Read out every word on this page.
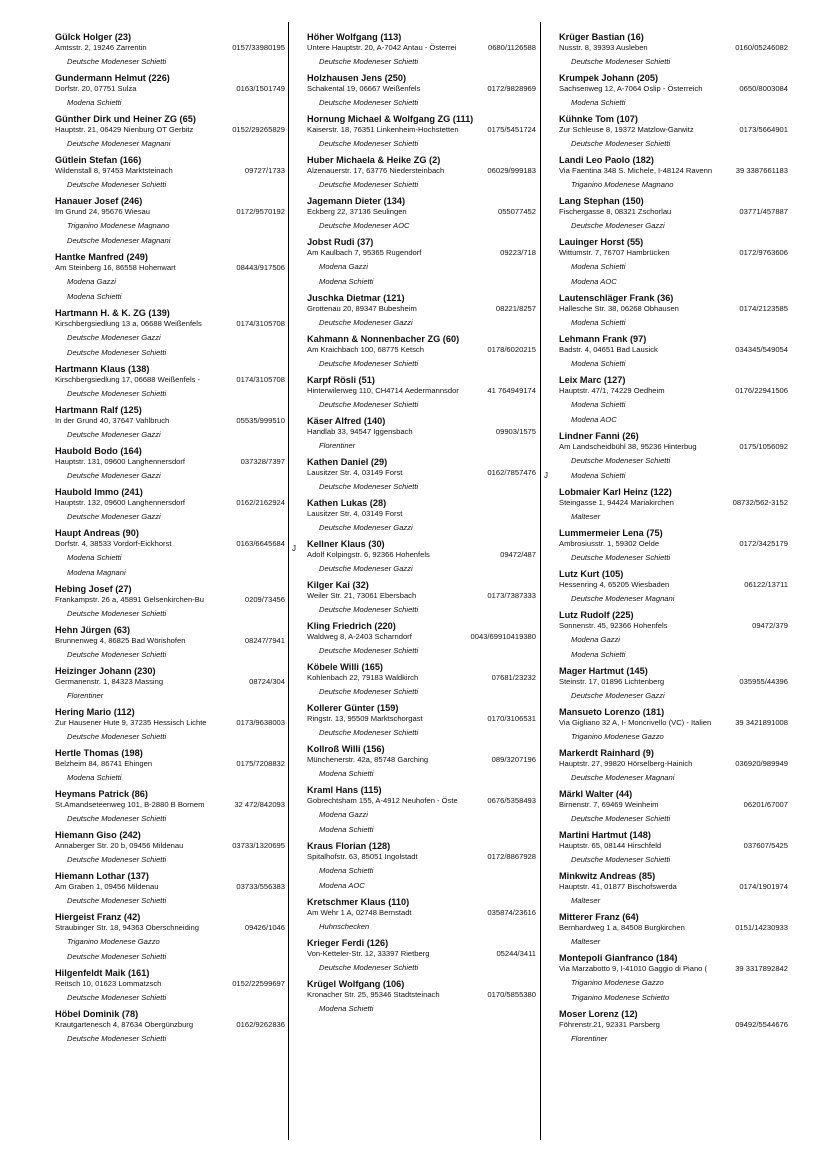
J
J
Gülck Holger (23)
Amtsstr. 2, 19246 Zarrentin	0157/33980195
Deutsche Modeneser Schietti
Gundermann Helmut (226)
Dorfstr. 20, 07751 Sulza	0163/1501749
Modena Schietti
Günther Dirk und Heiner ZG (65)
Hauptstr. 21, 06429 Nienburg OT Gerbitz	0152/29265829
Deutsche Modeneser Magnani
Gütlein Stefan (166)
Wildenstall 8, 97453 Marktsteinach	09727/1733
Deutsche Modeneser Schietti
Hanauer Josef (246)
Im Grund 24, 95676 Wiesau	0172/9570192
Triganino Modenese Magnano
Deutsche Modeneser Magnani
Hantke Manfred (249)
Am Steinberg 16, 86558 Hohenwart	08443/917506
Modena Gazzi
Modena Schietti
Hartmann H. & K. ZG (139)
Kirschbergsiedlung 13 a, 06688 Weißenfels	0174/3105708
Deutsche Modeneser Gazzi
Deutsche Modeneser Schietti
Hartmann Klaus (138)
Kirschbergsiedlung 17, 06688 Weißenfels -	0174/3105708
Deutsche Modeneser Schietti
Hartmann Ralf (125)
In der Grund 40, 37647 Vahlbruch	05535/999510
Deutsche Modeneser Gazzi
Haubold Bodo (164)
Hauptstr. 131, 09600 Langhennersdorf	037328/7397
Deutsche Modeneser Gazzi
Haubold Immo (241)
Hauptstr. 132, 09600 Langhennersdorf	0162/2162924
Deutsche Modeneser Gazzi
Haupt Andreas (90)
Dorfstr. 4, 38533 Vordorf-Eickhorst	0163/6645684
Modena Schietti
Modena Magnani
Hebing Josef (27)
Frankampstr. 26 a, 45891 Gelsenkirchen-Bu	0209/73456
Deutsche Modeneser Schietti
Hehn Jürgen (63)
Brunnenweg 4, 86825 Bad Wörishofen	08247/7941
Deutsche Modeneser Schietti
Heizinger Johann (230)
Germanenstr. 1, 84323 Massing	08724/304
Florentiner
Hering Mario (112)
Zur Hausener Hute 9, 37235 Hessisch Lichte	0173/9638003
Deutsche Modeneser Schietti
Hertle Thomas (198)
Belzheim 84, 86741 Ehingen	0175/7208832
Modena Schietti
Heymans Patrick (86)
St.Amandseteenweg 101, B-2880 B Bornem	32 472/842093
Deutsche Modeneser Schietti
Hiemann Giso (242)
Annaberger Str. 20 b, 09456 Mildenau	03733/1320695
Deutsche Modeneser Schietti
Hiemann Lothar (137)
Am Graben 1, 09456 Mildenau	03733/556383
Deutsche Modeneser Schietti
Hiergeist Franz (42)
Straubinger Str. 18, 94363 Oberschneiding	09426/1046
Triganino Modenese Gazzo
Deutsche Modeneser Schietti
Hilgenfeldt Maik (161)
Reitsch 10, 01623 Lommatzsch	0152/22599697
Deutsche Modeneser Schietti
Höbel Dominik (78)
Krautgartenesch 4, 87634 Obergünzburg	0162/9262836
Deutsche Modeneser Schietti
Höher Wolfgang (113)
Untere Hauptstr. 20, A-7042 Antau - Österrei	0680/1126588
Deutsche Modeneser Schietti
Holzhausen Jens (250)
Schakental 19, 06667 Weißenfels	0172/9828969
Deutsche Modeneser Schietti
Hornung Michael & Wolfgang ZG (111)
Kaiserstr. 18, 76351 Linkenheim-Hochstetten	0175/5451724
Deutsche Modeneser Schietti
Huber Michaela & Heike ZG (2)
Alzenauerstr. 17, 63776 Niedersteinbach	06029/999183
Deutsche Modeneser Schietti
Jagemann Dieter (134)
Eckberg 22, 37136 Seulingen	055077452
Deutsche Modeneser AOC
Jobst Rudi (37)
Am Kaulbach 7, 95365 Rugendorf	09223/718
Modena Gazzi
Modena Schietti
Juschka Dietmar (121)
Grottenau 20, 89347 Bubesheim	08221/8257
Deutsche Modeneser Gazzi
Kahmann & Nonnenbacher ZG (60)
Am Kraichbach 100, 68775 Ketsch	0178/6020215
Deutsche Modeneser Schietti
Karpf Rösli (51)
Hinterwilerweg 110, CH4714 Aedermannsdor	41 764949174
Deutsche Modeneser Schietti
Käser Alfred (140)
Handlab 33, 94547 Iggensbach	09903/1575
Florentiner
Kathen Daniel (29)
Lausitzer Str. 4, 03149 Forst	0162/7857476
Deutsche Modeneser Schietti
Kathen Lukas (28)
Lausitzer Str. 4, 03149 Forst
Deutsche Modeneser Gazzi
Kellner Klaus (30)
Adolf Kolpingstr. 6, 92366 Hohenfels	09472/487
Deutsche Modeneser Gazzi
Kilger Kai (32)
Weiler Str. 21, 73061 Ebersbach	0173/7387333
Deutsche Modeneser Schietti
Kling Friedrich (220)
Waldweg 8, A-2403 Scharndorf	0043/69910419380
Deutsche Modeneser Schietti
Köbele Willi (165)
Kohlenbach 22, 79183 Waldkirch	07681/23232
Deutsche Modeneser Schietti
Kollerer Günter (159)
Ringstr. 13, 95509 Marktschorgast	0170/3106531
Deutsche Modeneser Schietti
Kollroß Willi (156)
Münchenerstr. 42a, 85748 Garching	089/3207196
Modena Schietti
Kraml Hans (115)
Gobrechtsham 155, A-4912 Neuhofen - Öste	0676/5358493
Modena Gazzi
Modena Schietti
Kraus Florian (128)
Spitalhofstr. 63, 85051 Ingolstadt	0172/8867928
Modena Schietti
Modena AOC
Kretschmer Klaus (110)
Am Wehr 1 A, 02748 Bernstadt	035874/23616
Huhnschecken
Krieger Ferdi (126)
Von-Ketteler-Str. 12, 33397 Rietberg	05244/3411
Deutsche Modeneser Schietti
Krügel Wolfgang (106)
Kronacher Str. 25, 95346 Stadtsteinach	0170/5855380
Modena Schietti
Krüger Bastian (16)
Nusstr. 8, 39393 Ausleben	0160/05246082
Deutsche Modeneser Schietti
Krumpek Johann (205)
Sachsenweg 12, A-7064 Oslip - Österreich	0650/8003084
Modena Schietti
Kühnke Tom (107)
Zur Schleuse 8, 19372 Matzlow-Garwitz	0173/5664901
Deutsche Modeneser Schietti
Landi Leo Paolo (182)
Via Faentina 348 S. Michele, I-48124 Ravenn	39 3387661183
Triganino Modenese Magnano
Lang Stephan (150)
Fischergasse 8, 08321 Zschorlau	03771/457887
Deutsche Modeneser Gazzi
Lauinger Horst (55)
Wittumstr. 7, 76707 Hambrücken	0172/9763606
Modena Schietti
Modena AOC
Lautenschläger Frank (36)
Hallesche Str. 38, 06268 Obhausen	0174/2123585
Modena Schietti
Lehmann Frank (97)
Badstr. 4, 04651 Bad Lausick	034345/549054
Modena Schietti
Leix Marc (127)
Hauptstr. 47/1, 74229 Oedheim	0176/22941506
Modena Schietti
Modena AOC
Lindner Fanni (26)
Am Landscheidbühl 38, 95236 Hinterbug	0175/1056092
Deutsche Modeneser Schietti
Modena Schietti
Lobmaier Karl Heinz (122)
Steingasse 1, 94424 Mariakirchen	08732/562-3152
Malteser
Lummermeier Lena (75)
Ambrosiusstr. 1, 59302 Oelde	0172/3425179
Deutsche Modeneser Schietti
Lutz Kurt (105)
Hessenring 4, 65205 Wiesbaden	06122/13711
Deutsche Modeneser Magnani
Lutz Rudolf (225)
Sonnenstr. 45, 92366 Hohenfels	09472/379
Modena Gazzi
Modena Schietti
Mager Hartmut (145)
Steinstr. 17, 01896 Lichtenberg	035955/44396
Deutsche Modeneser Gazzi
Mansueto Lorenzo (181)
Via Gigliano 32 A, I- Moncrivello (VC) - Italien	39 3421891008
Triganino Modenese Gazzo
Markerdt Rainhard (9)
Hauptstr. 27, 99820 Hörselberg-Hainich	036920/989949
Deutsche Modeneser Magnani
Märkl Walter (44)
Birnenstr. 7, 69469 Weinheim	06201/67007
Deutsche Modeneser Schietti
Martini Hartmut (148)
Hauptstr. 65, 08144 Hirschfeld	037607/5425
Deutsche Modeneser Schietti
Minkwitz Andreas (85)
Hauptstr. 41, 01877 Bischofswerda	0174/1901974
Malteser
Mitterer Franz (64)
Bernhardweg 1 a, 84508 Burgkirchen	0151/14230933
Malteser
Montepoli Gianfranco (184)
Via Marzabotto 9, I-41010 Gaggio di Piano (	39 3317892842
Triganino Modenese Gazzo
Triganino Modenese Schietto
Moser Lorenz (12)
Föhrenstr.21, 92331 Parsberg	09492/5544676
Florentiner
